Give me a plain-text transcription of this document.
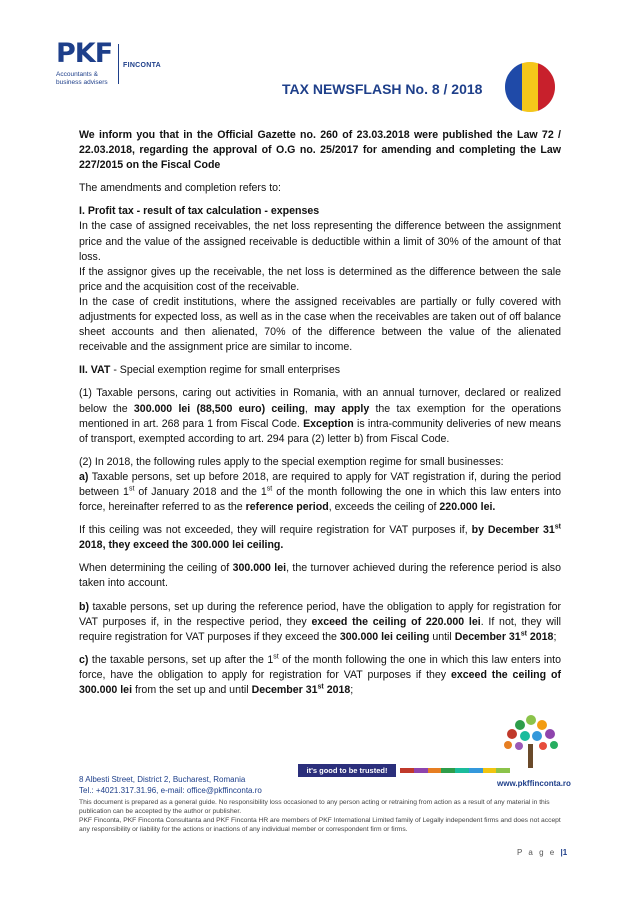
PKF
Accountants & business advisers
FINCONTA
TAX NEWSFLASH No. 8 / 2018

We inform you that in the Official Gazette no. 260 of 23.03.2018 were published the Law 72 / 22.03.2018, regarding the approval of O.G no. 25/2017 for amending and completing the Law 227/2015 on the Fiscal Code

The amendments and completion refers to:

I. Profit tax - result of tax calculation - expenses

In the case of assigned receivables, the net loss representing the difference between the assignment price and the value of the assigned receivable is deductible within a limit of 30% of the amount of that loss.

If the assignor gives up the receivable, the net loss is determined as the difference between the sale price and the acquisition cost of the receivable.

In the case of credit institutions, where the assigned receivables are partially or fully covered with adjustments for expected loss, as well as in the case when the receivables are taken out of off balance sheet accounts and then alienated, 70% of the difference between the value of the alienated receivable and the assignment price are similar to income.

II. VAT - Special exemption regime for small enterprises

(1) Taxable persons, caring out activities in Romania, with an annual turnover, declared or realized below the 300.000 lei (88,500 euro) ceiling, may apply the tax exemption for the operations mentioned in art. 268 para 1 from Fiscal Code. Exception is intra-community deliveries of new means of transport, exempted according to art. 294 para (2) letter b) from Fiscal Code.

(2) In 2018, the following rules apply to the special exemption regime for small businesses:

a) Taxable persons, set up before 2018, are required to apply for VAT registration if, during the period between 1st of January 2018 and the 1st of the month following the one in which this law enters into force, hereinafter referred to as the reference period, exceeds the ceiling of 220.000 lei.

If this ceiling was not exceeded, they will require registration for VAT purposes if, by December 31st 2018, they exceed the 300.000 lei ceiling.

When determining the ceiling of 300.000 lei, the turnover achieved during the reference period is also taken into account.

b) taxable persons, set up during the reference period, have the obligation to apply for registration for VAT purposes if, in the respective period, they exceed the ceiling of 220.000 lei. If not, they will require registration for VAT purposes if they exceed the 300.000 lei ceiling until December 31st 2018;

c) the taxable persons, set up after the 1st of the month following the one in which this law enters into force, have the obligation to apply for registration for VAT purposes if they exceed the ceiling of 300.000 lei from the set up and until December 31st 2018;

it's good to be trusted!
www.pkffinconta.ro
8 Albesti Street, District 2, Bucharest, Romania
Tel.: +4021.317.31.96, e-mail: office@pkffinconta.ro
This document is prepared as a general guide. No responsibility loss occasioned to any person acting or retraining from action as a result of any material in this publication can be accepted by the author or publisher.
PKF Finconta, PKF Finconta Consultanta and PKF Finconta HR are members of PKF International Limited family of Legally independent firms and does not accept any responsibility or liability for the actions or inactions of any individual member or correspondent firm or firms.
P a g e |1
